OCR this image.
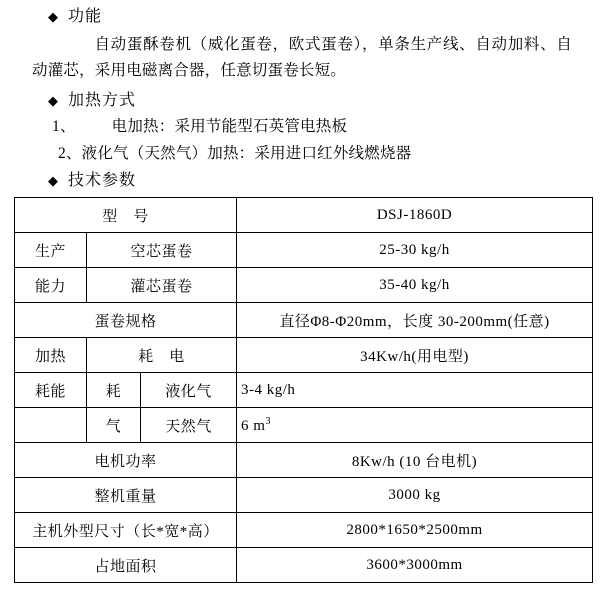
◆ 功能
自动蛋酥卷机（威化蛋卷，欧式蛋卷），单条生产线、自动加料、自动灌芯，采用电磁离合器，任意切蛋卷长短。
◆ 加热方式
1、 电加热：采用节能型石英管电热板
2、液化气（天然气）加热：采用进口红外线燃烧器
◆ 技术参数
型　号			DSJ-1860D
生产	空芯蛋卷		25-30 kg/h
能力	灌芯蛋卷		35-40 kg/h
蛋卷规格			直径Φ8-Φ20mm，长度 30-200mm(任意)
加热	耗　电		34Kw/h(用电型)
耗能	耗	液化气	3-4 kg/h
	气	天然气	6 $m^3$
电机功率			8Kw/h (10 台电机)
整机重量			3000 kg
主机外型尺寸（长*宽*高）			2800*1650*2500mm
占地面积			3600*3000mm
